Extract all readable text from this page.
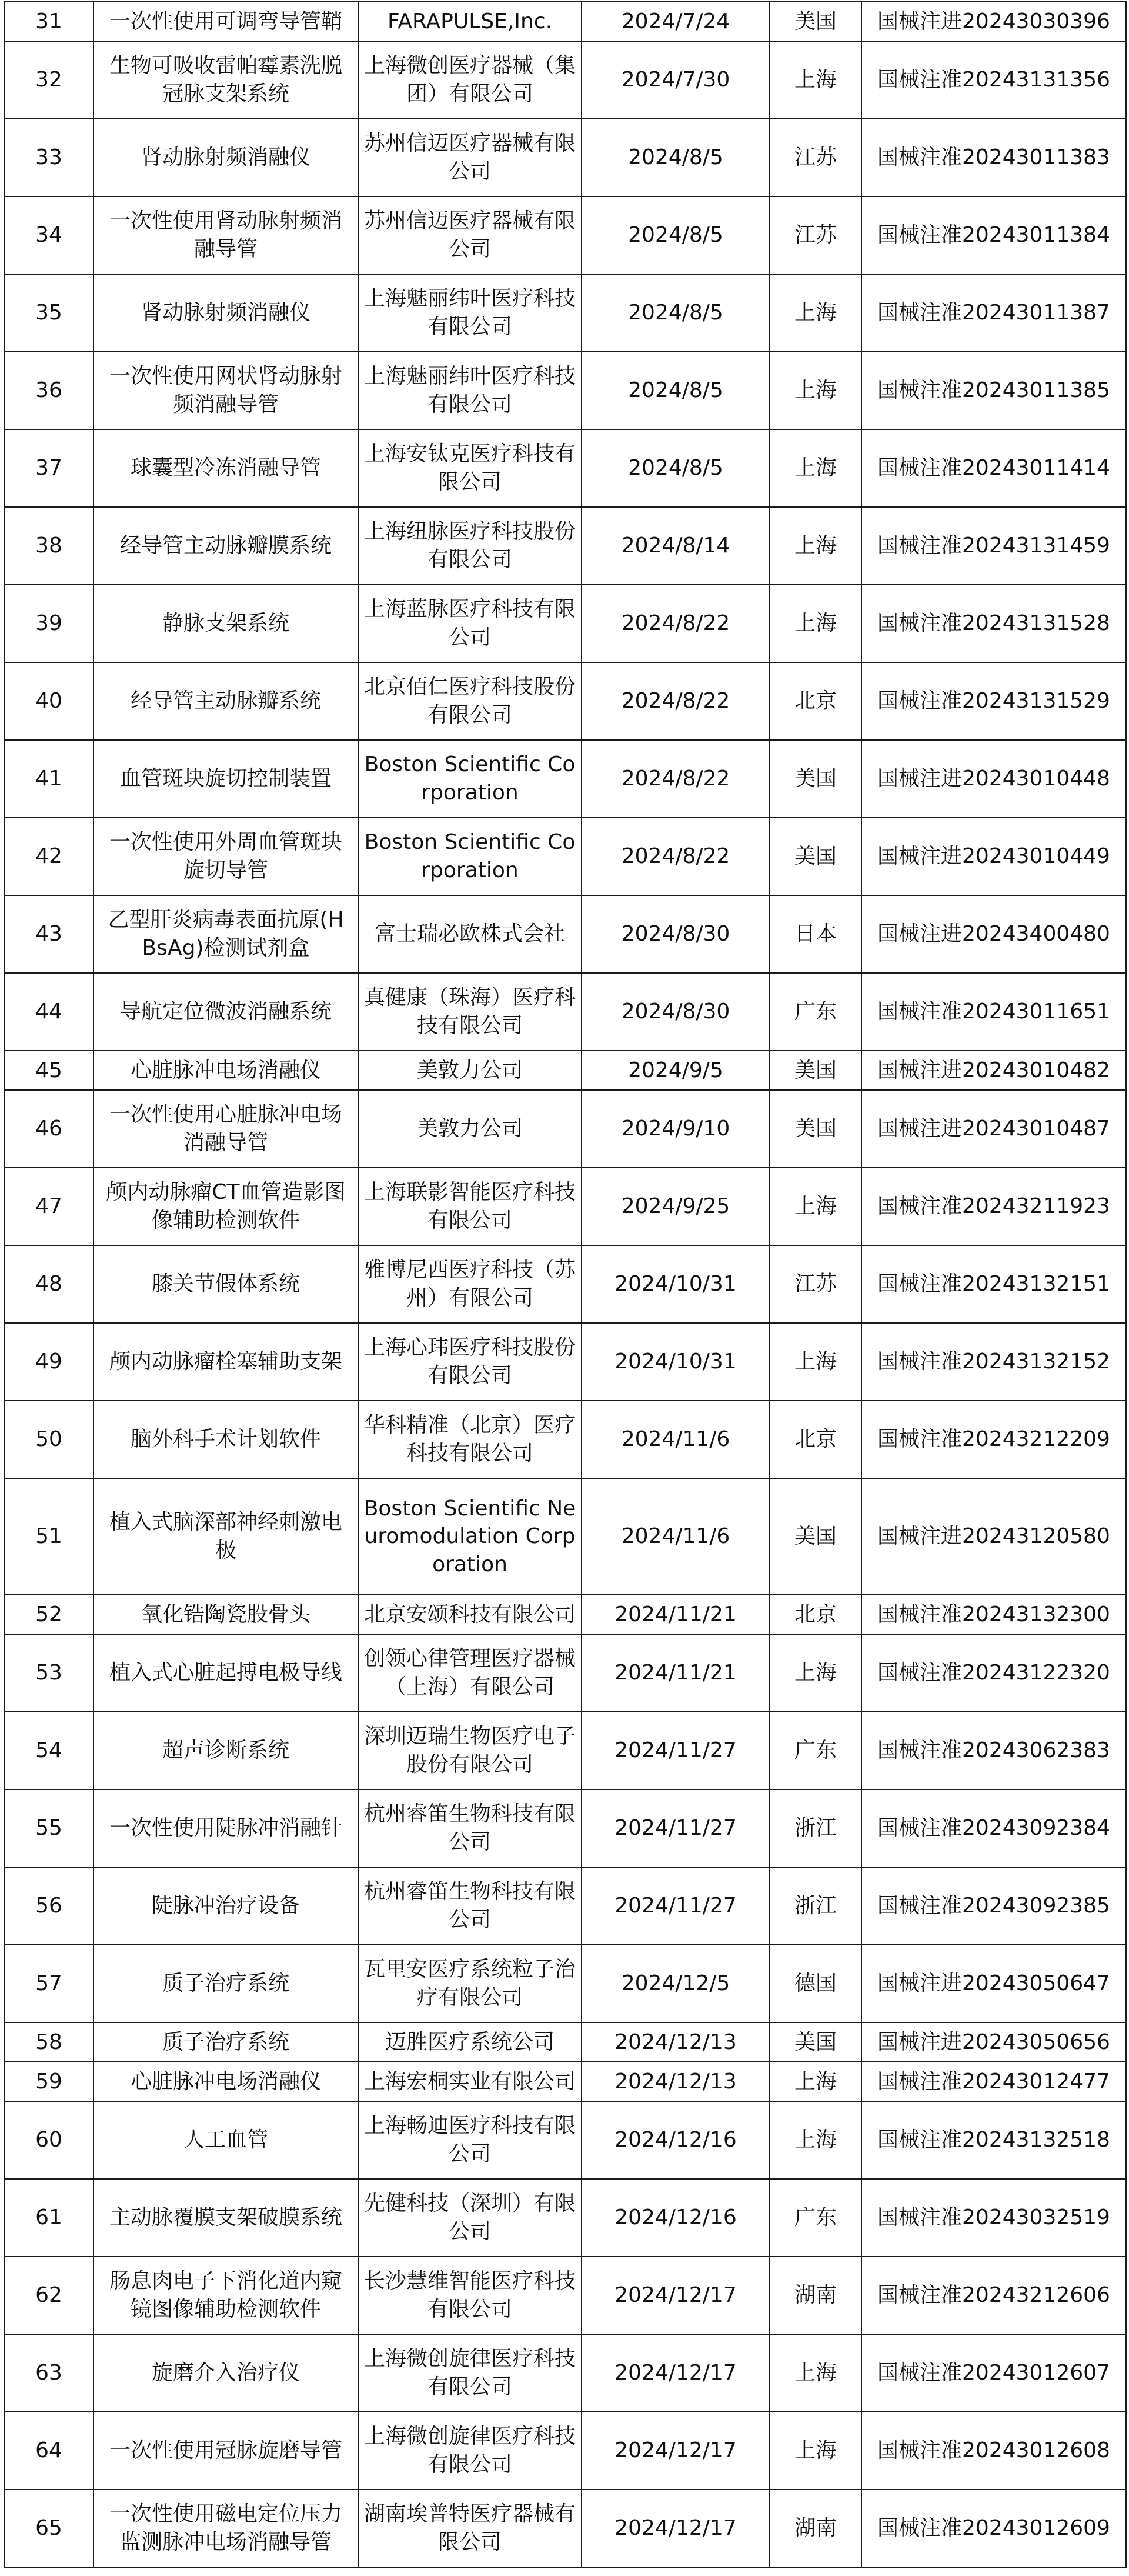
31	一次性使用可调弯导管鞘	FARAPULSE,Inc.	2024/7/24	美国	国械注进20243030396
32	生物可吸收雷帕霉素洗脱冠脉支架系统	上海微创医疗器械（集团）有限公司	2024/7/30	上海	国械注准20243131356
33	肾动脉射频消融仪	苏州信迈医疗器械有限公司	2024/8/5	江苏	国械注准20243011383
34	一次性使用肾动脉射频消融导管	苏州信迈医疗器械有限公司	2024/8/5	江苏	国械注准20243011384
35	肾动脉射频消融仪	上海魅丽纬叶医疗科技有限公司	2024/8/5	上海	国械注准20243011387
36	一次性使用网状肾动脉射频消融导管	上海魅丽纬叶医疗科技有限公司	2024/8/5	上海	国械注准20243011385
37	球囊型冷冻消融导管	上海安钛克医疗科技有限公司	2024/8/5	上海	国械注准20243011414
38	经导管主动脉瓣膜系统	上海纽脉医疗科技股份有限公司	2024/8/14	上海	国械注准20243131459
39	静脉支架系统	上海蓝脉医疗科技有限公司	2024/8/22	上海	国械注准20243131528
40	经导管主动脉瓣系统	北京佰仁医疗科技股份有限公司	2024/8/22	北京	国械注准20243131529
41	血管斑块旋切控制装置	Boston Scientific Corporation	2024/8/22	美国	国械注进20243010448
42	一次性使用外周血管斑块旋切导管	Boston Scientific Corporation	2024/8/22	美国	国械注进20243010449
43	乙型肝炎病毒表面抗原(HBsAg)检测试剂盒	富士瑞必欧株式会社	2024/8/30	日本	国械注进20243400480
44	导航定位微波消融系统	真健康（珠海）医疗科技有限公司	2024/8/30	广东	国械注准20243011651
45	心脏脉冲电场消融仪	美敦力公司	2024/9/5	美国	国械注进20243010482
46	一次性使用心脏脉冲电场消融导管	美敦力公司	2024/9/10	美国	国械注进20243010487
47	颅内动脉瘤CT血管造影图像辅助检测软件	上海联影智能医疗科技有限公司	2024/9/25	上海	国械注准20243211923
48	膝关节假体系统	雅博尼西医疗科技（苏州）有限公司	2024/10/31	江苏	国械注准20243132151
49	颅内动脉瘤栓塞辅助支架	上海心玮医疗科技股份有限公司	2024/10/31	上海	国械注准20243132152
50	脑外科手术计划软件	华科精准（北京）医疗科技有限公司	2024/11/6	北京	国械注准20243212209
51	植入式脑深部神经刺激电极	Boston Scientific Neuromodulation Corporation	2024/11/6	美国	国械注进20243120580
52	氧化锆陶瓷股骨头	北京安颂科技有限公司	2024/11/21	北京	国械注准20243132300
53	植入式心脏起搏电极导线	创领心律管理医疗器械（上海）有限公司	2024/11/21	上海	国械注准20243122320
54	超声诊断系统	深圳迈瑞生物医疗电子股份有限公司	2024/11/27	广东	国械注准20243062383
55	一次性使用陡脉冲消融针	杭州睿笛生物科技有限公司	2024/11/27	浙江	国械注准20243092384
56	陡脉冲治疗设备	杭州睿笛生物科技有限公司	2024/11/27	浙江	国械注准20243092385
57	质子治疗系统	瓦里安医疗系统粒子治疗有限公司	2024/12/5	德国	国械注进20243050647
58	质子治疗系统	迈胜医疗系统公司	2024/12/13	美国	国械注进20243050656
59	心脏脉冲电场消融仪	上海宏桐实业有限公司	2024/12/13	上海	国械注准20243012477
60	人工血管	上海畅迪医疗科技有限公司	2024/12/16	上海	国械注准20243132518
61	主动脉覆膜支架破膜系统	先健科技（深圳）有限公司	2024/12/16	广东	国械注准20243032519
62	肠息肉电子下消化道内窥镜图像辅助检测软件	长沙慧维智能医疗科技有限公司	2024/12/17	湖南	国械注准20243212606
63	旋磨介入治疗仪	上海微创旋律医疗科技有限公司	2024/12/17	上海	国械注准20243012607
64	一次性使用冠脉旋磨导管	上海微创旋律医疗科技有限公司	2024/12/17	上海	国械注准20243012608
65	一次性使用磁电定位压力监测脉冲电场消融导管	湖南埃普特医疗器械有限公司	2024/12/17	湖南	国械注准20243012609
